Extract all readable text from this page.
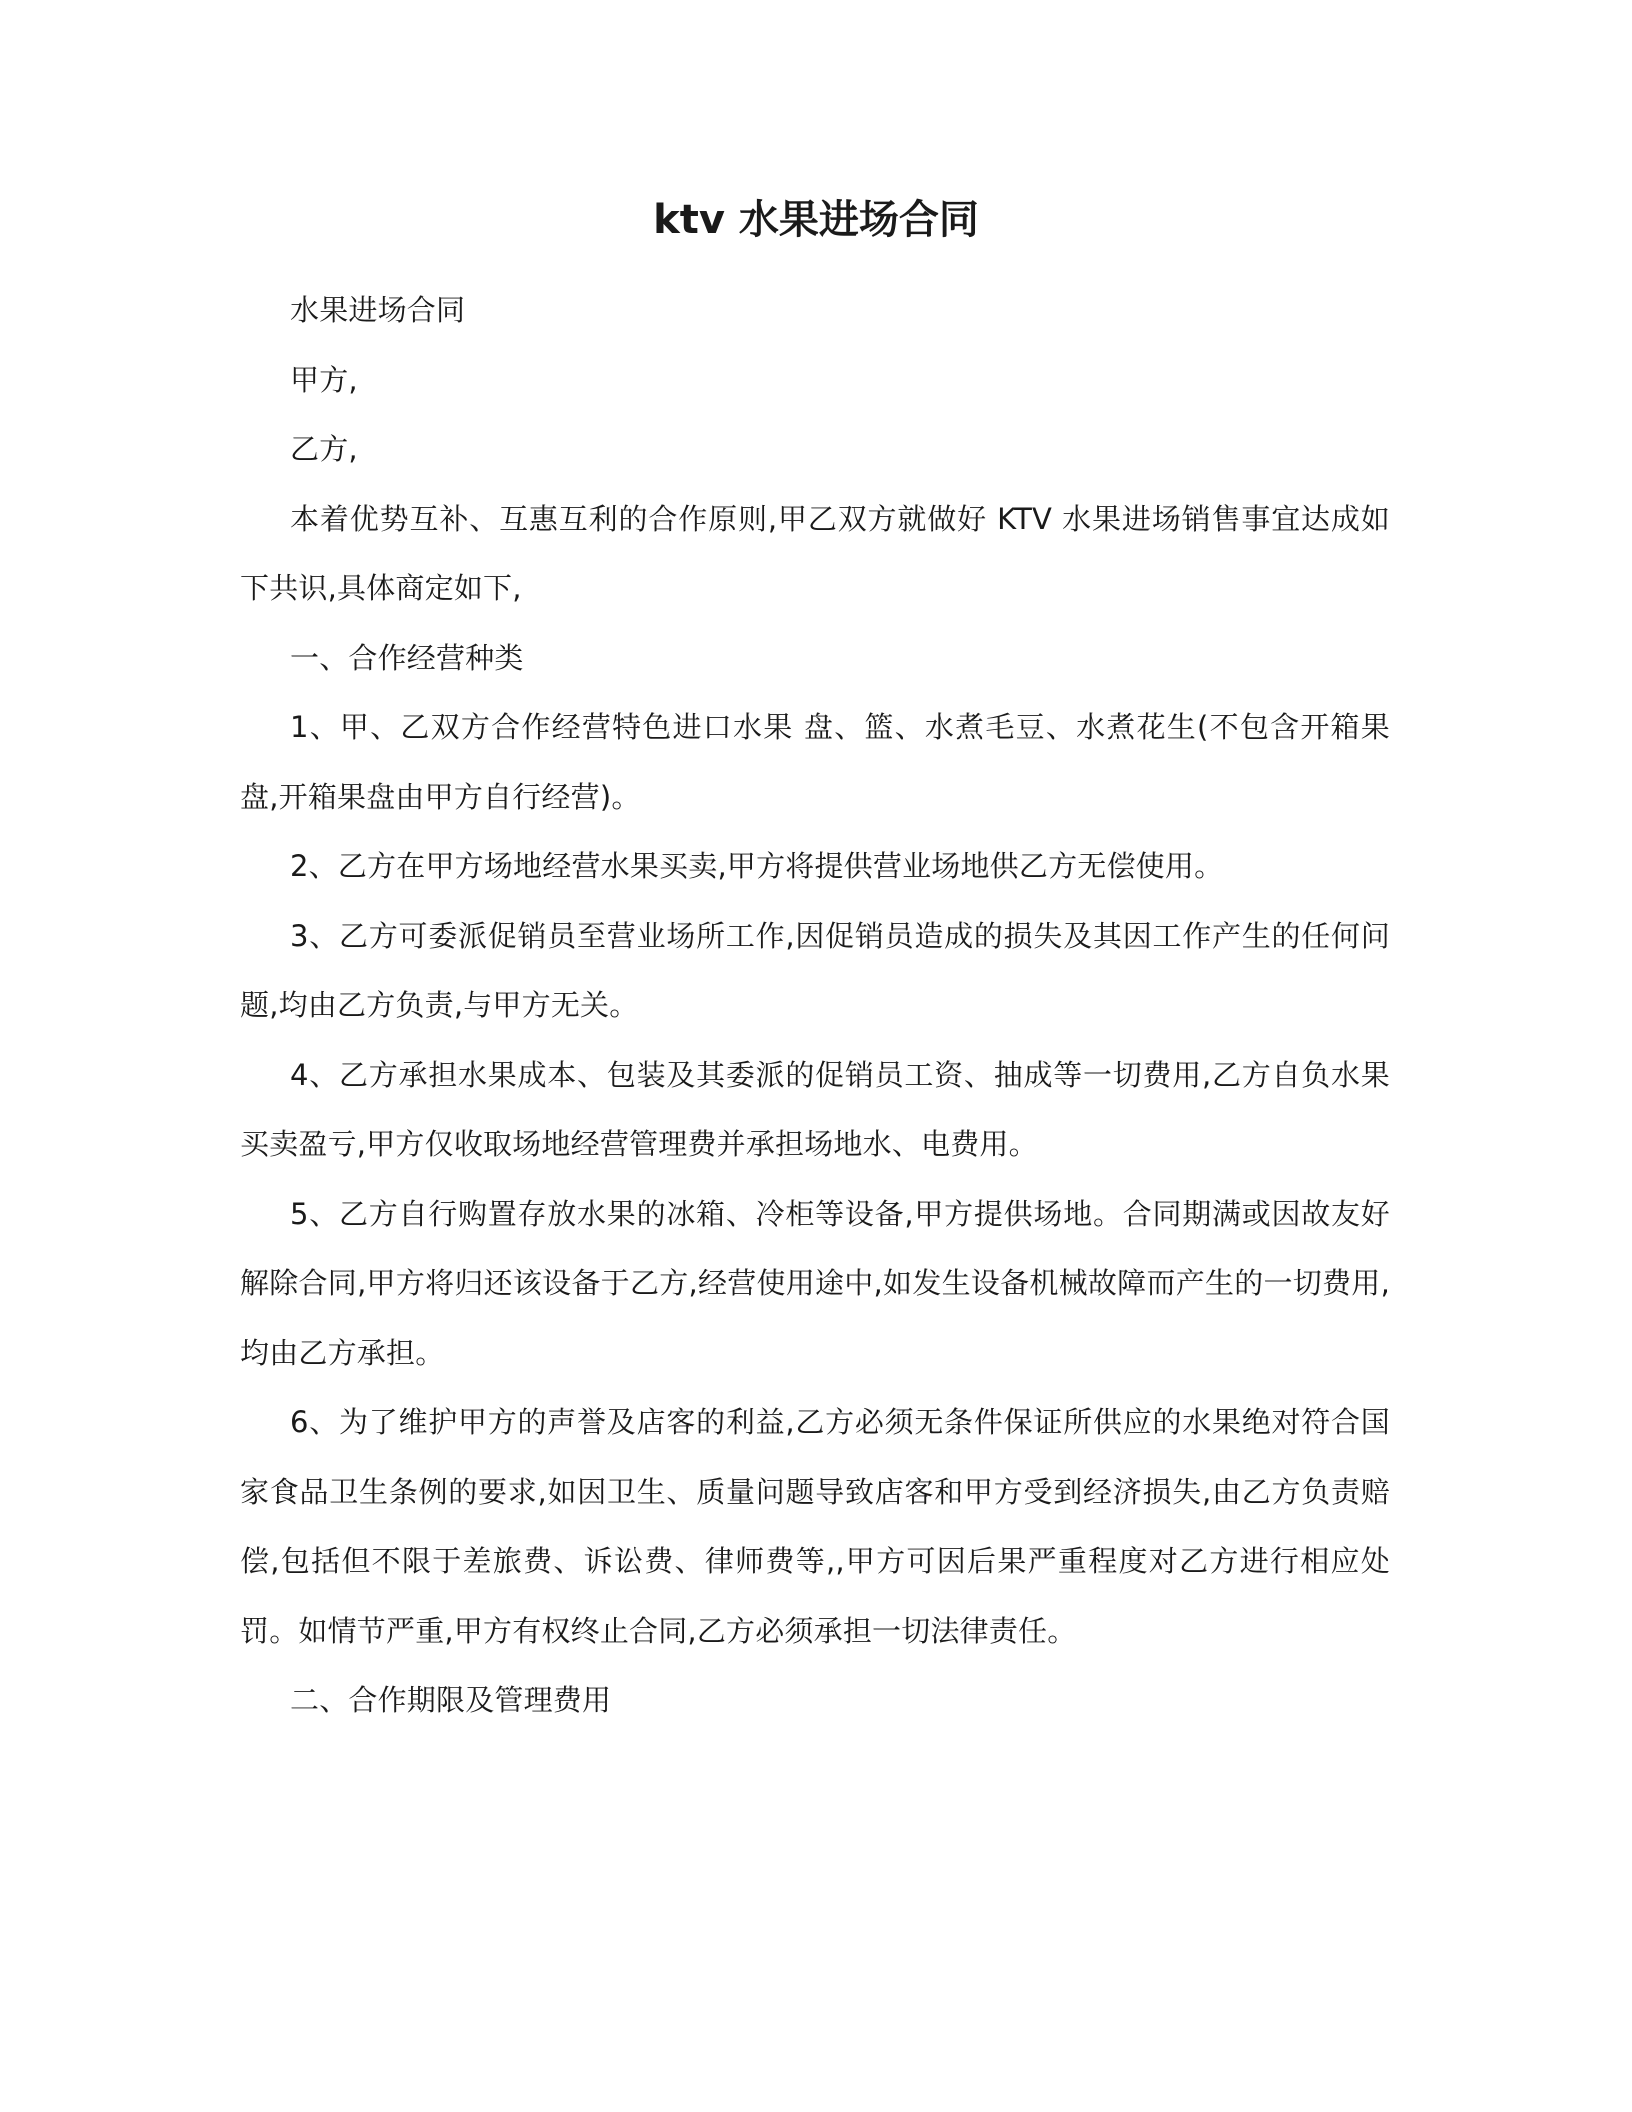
ktv 水果进场合同

水果进场合同

甲方,

乙方,

本着优势互补、互惠互利的合作原则,甲乙双方就做好 KTV 水果进场销售事宜达成如下共识,具体商定如下,

一、合作经营种类

1、甲、乙双方合作经营特色进口水果 盘、篮、水煮毛豆、水煮花生(不包含开箱果盘,开箱果盘由甲方自行经营)。

2、乙方在甲方场地经营水果买卖,甲方将提供营业场地供乙方无偿使用。

3、乙方可委派促销员至营业场所工作,因促销员造成的损失及其因工作产生的任何问题,均由乙方负责,与甲方无关。

4、乙方承担水果成本、包装及其委派的促销员工资、抽成等一切费用,乙方自负水果买卖盈亏,甲方仅收取场地经营管理费并承担场地水、电费用。

5、乙方自行购置存放水果的冰箱、冷柜等设备,甲方提供场地。合同期满或因故友好解除合同,甲方将归还该设备于乙方,经营使用途中,如发生设备机械故障而产生的一切费用,均由乙方承担。

6、为了维护甲方的声誉及店客的利益,乙方必须无条件保证所供应的水果绝对符合国家食品卫生条例的要求,如因卫生、质量问题导致店客和甲方受到经济损失,由乙方负责赔偿,包括但不限于差旅费、诉讼费、律师费等,,甲方可因后果严重程度对乙方进行相应处罚。如情节严重,甲方有权终止合同,乙方必须承担一切法律责任。

二、合作期限及管理费用
